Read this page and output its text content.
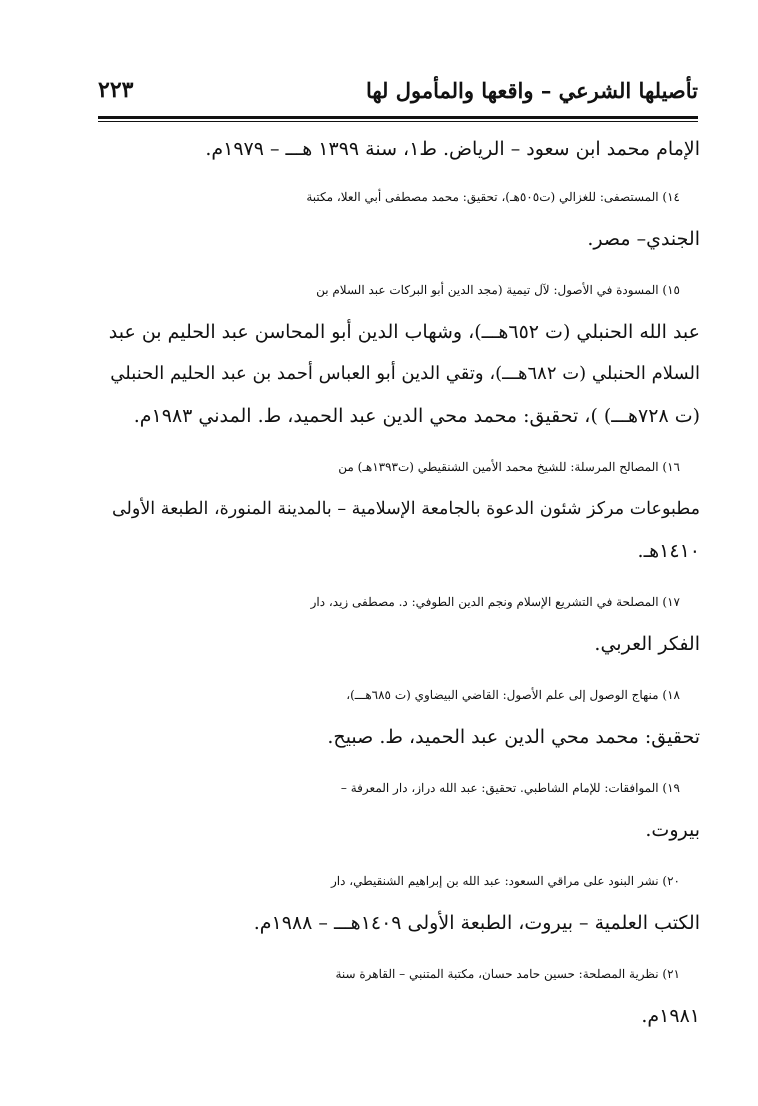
تأصيلها الشرعي – واقعها والمأمول لها
٢٢٣
الإمام محمد ابن سعود – الرياض. ط١، سنة ١٣٩٩ هـــ – ١٩٧٩م.
١٤) المستصفى: للغزالي (ت٥٠٥هـ)، تحقيق: محمد مصطفى أبي العلا، مكتبة
الجندي– مصر.
١٥) المسودة في الأصول: لآل تيمية (مجد الدين أبو البركات عبد السلام بن
عبد الله الحنبلي (ت ٦٥٢هـــ)، وشهاب الدين أبو المحاسن عبد الحليم بن عبد
السلام الحنبلي (ت ٦٨٢هـــ)، وتقي الدين أبو العباس أحمد بن عبد الحليم الحنبلي
(ت ٧٢٨هـــ) )، تحقيق: محمد محي الدين عبد الحميد، ط. المدني ١٩٨٣م.
١٦) المصالح المرسلة: للشيخ محمد الأمين الشنقيطي (ت١٣٩٣هـ) من
مطبوعات مركز شئون الدعوة بالجامعة الإسلامية – بالمدينة المنورة، الطبعة الأولى
١٤١٠هـ.
١٧) المصلحة في التشريع الإسلام ونجم الدين الطوفي: د. مصطفى زيد، دار
الفكر العربي.
١٨) منهاج الوصول إلى علم الأصول: القاضي البيضاوي (ت ٦٨٥هـــ)،
تحقيق: محمد محي الدين عبد الحميد، ط. صبيح.
١٩) الموافقات: للإمام الشاطبي. تحقيق: عبد الله دراز، دار المعرفة –
بيروت.
٢٠) نشر البنود على مراقي السعود: عبد الله بن إبراهيم الشنقيطي، دار
الكتب العلمية – بيروت، الطبعة الأولى ١٤٠٩هـــ – ١٩٨٨م.
٢١) نظرية المصلحة: حسين حامد حسان، مكتبة المتنبي – القاهرة سنة
١٩٨١م.
